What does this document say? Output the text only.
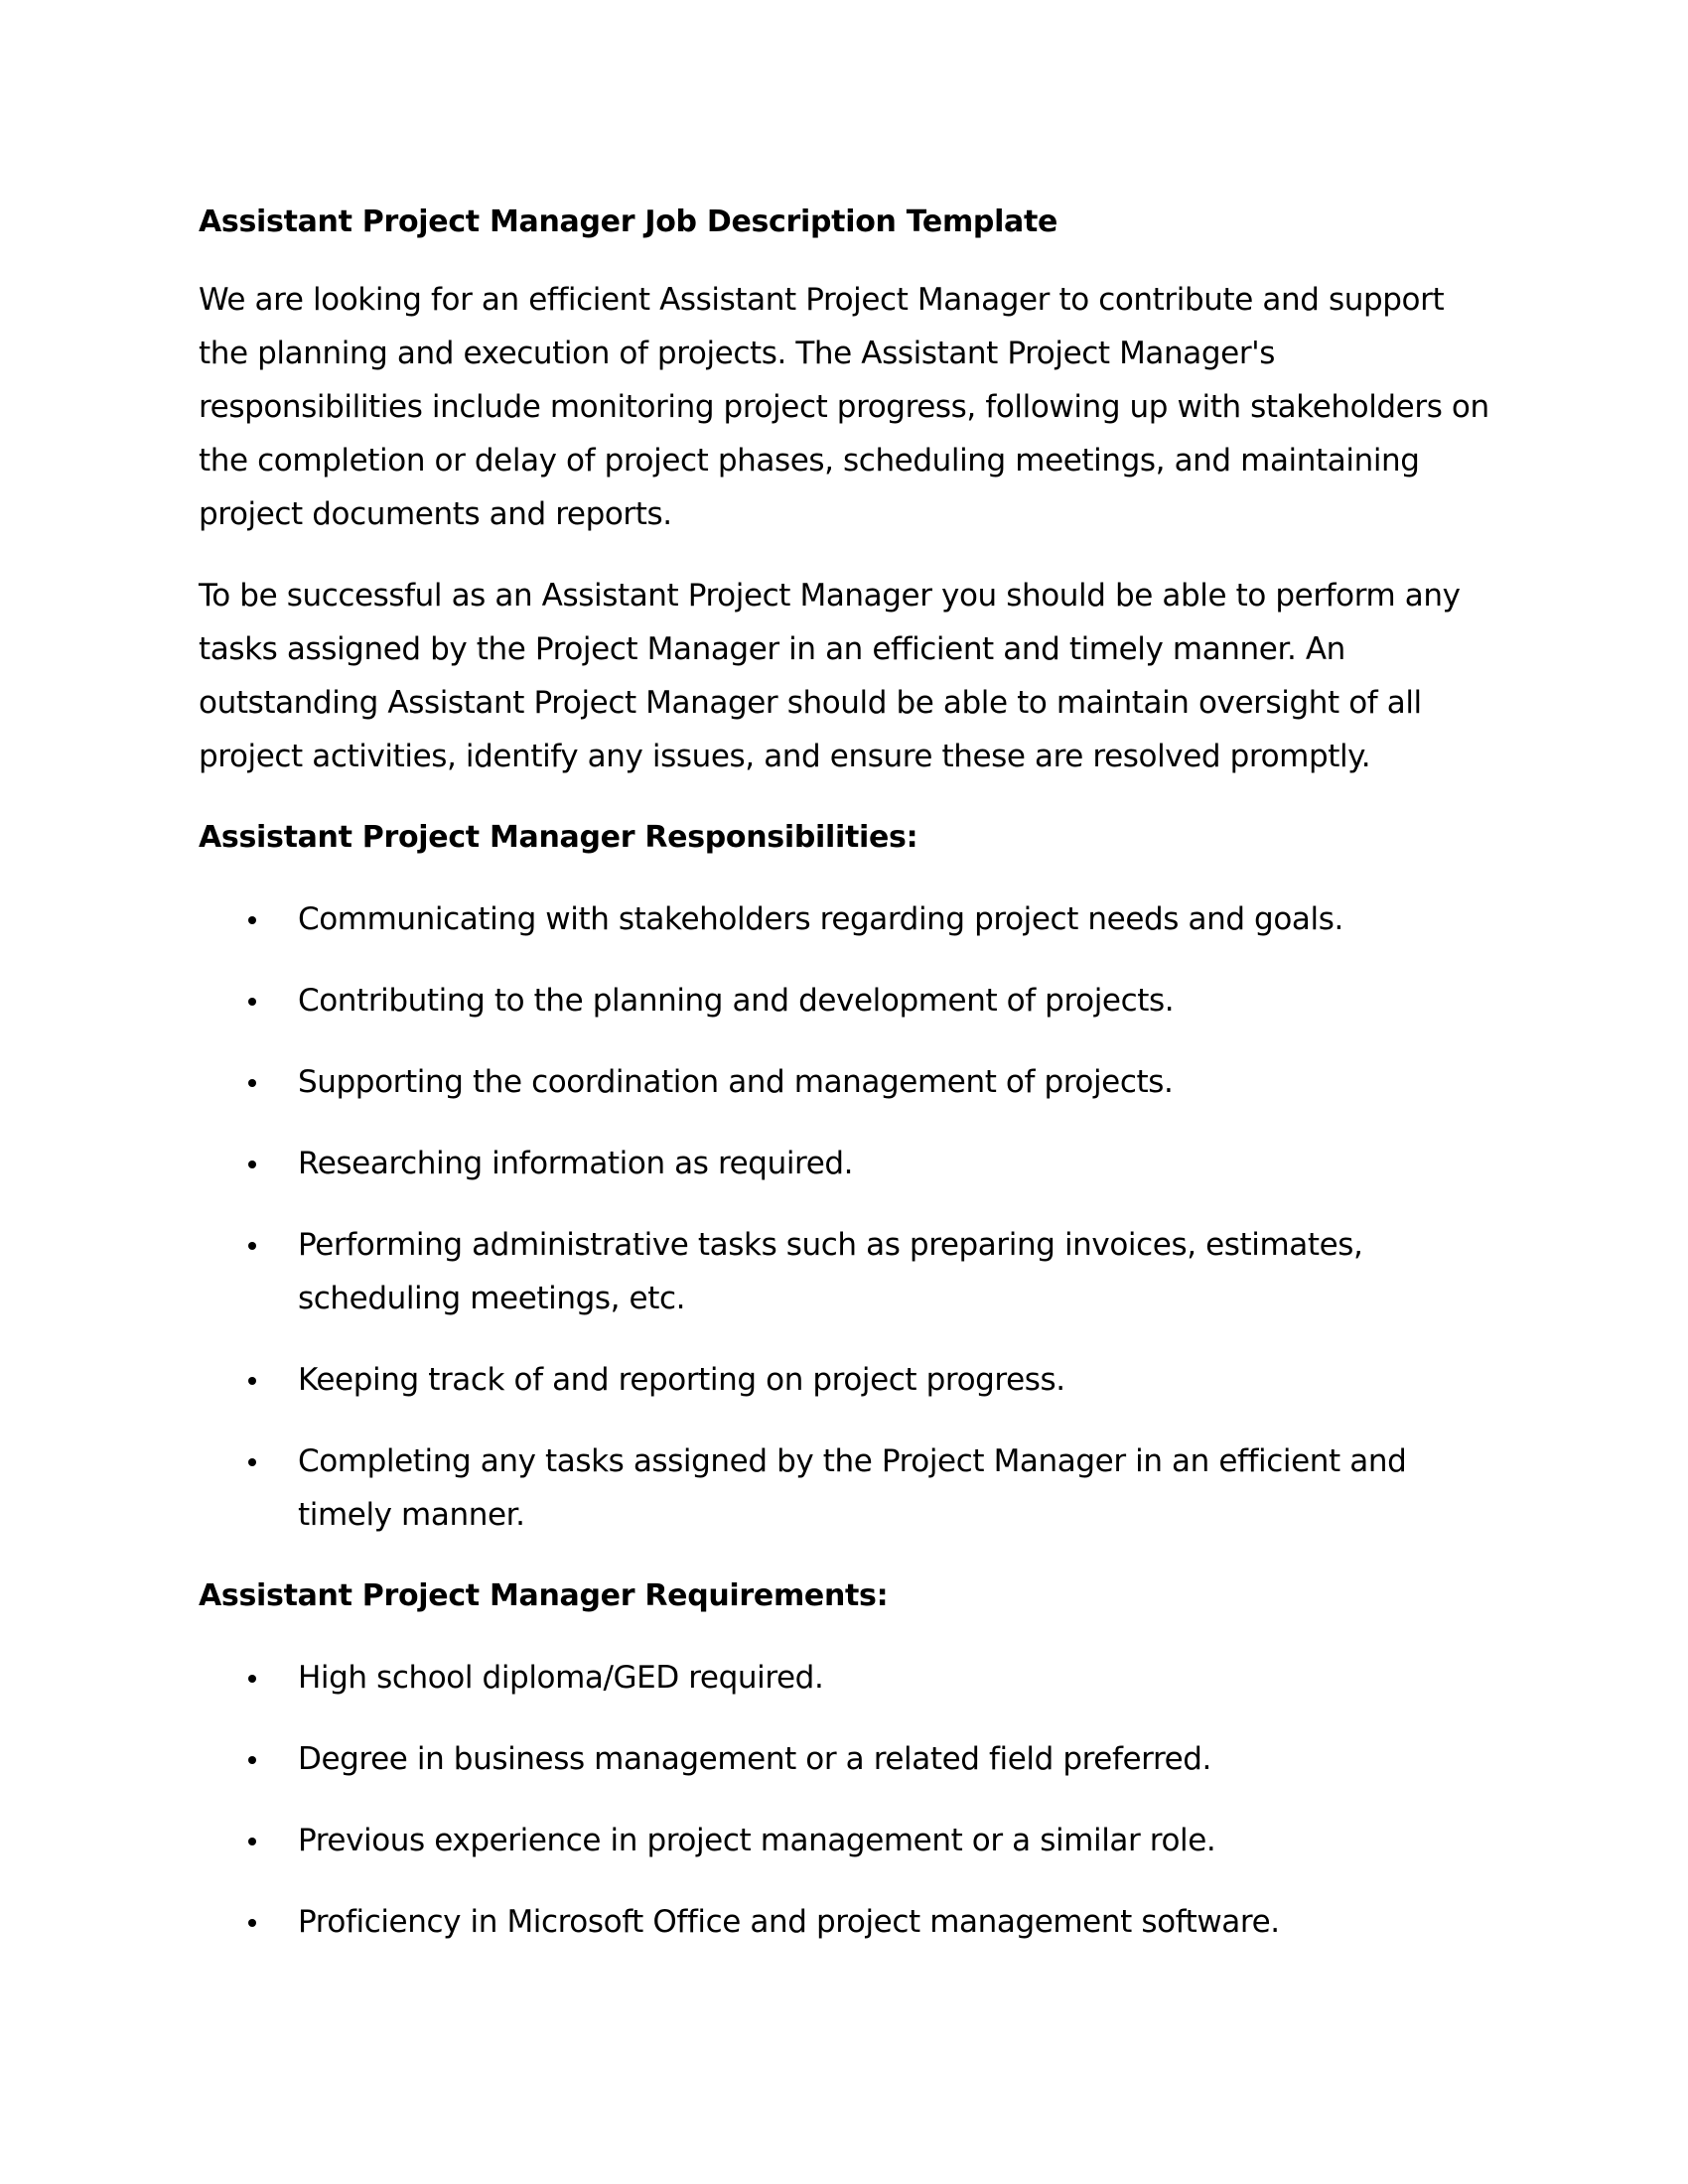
Assistant Project Manager Job Description Template

We are looking for an efficient Assistant Project Manager to contribute and support the planning and execution of projects. The Assistant Project Manager's responsibilities include monitoring project progress, following up with stakeholders on the completion or delay of project phases, scheduling meetings, and maintaining project documents and reports.

To be successful as an Assistant Project Manager you should be able to perform any tasks assigned by the Project Manager in an efficient and timely manner. An outstanding Assistant Project Manager should be able to maintain oversight of all project activities, identify any issues, and ensure these are resolved promptly.

Assistant Project Manager Responsibilities:
Communicating with stakeholders regarding project needs and goals.
Contributing to the planning and development of projects.
Supporting the coordination and management of projects.
Researching information as required.
Performing administrative tasks such as preparing invoices, estimates, scheduling meetings, etc.
Keeping track of and reporting on project progress.
Completing any tasks assigned by the Project Manager in an efficient and timely manner.
Assistant Project Manager Requirements:
High school diploma/GED required.
Degree in business management or a related field preferred.
Previous experience in project management or a similar role.
Proficiency in Microsoft Office and project management software.
